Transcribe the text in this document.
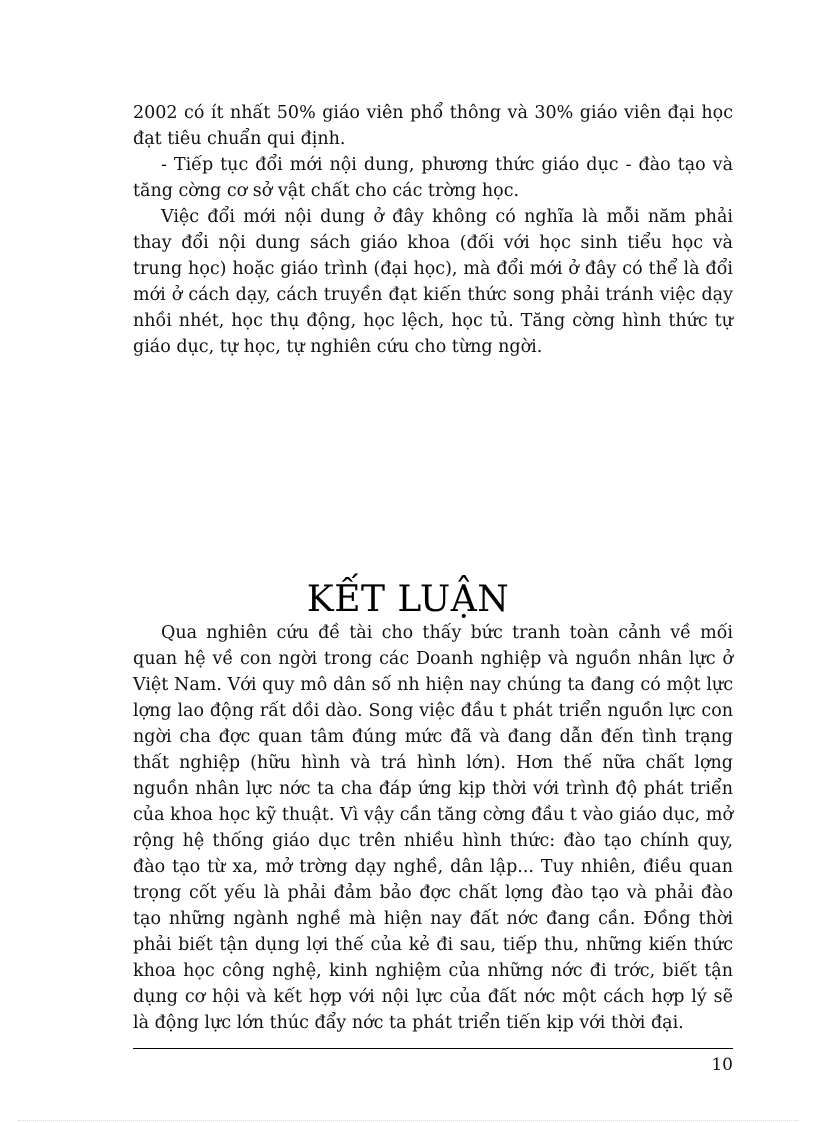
2002 có ít nhất 50% giáo viên phổ thông và 30% giáo viên đại học đạt tiêu chuẩn qui định.

- Tiếp tục đổi mới nội dung, phương thức giáo dục - đào tạo và tăng cờng cơ sở vật chất cho các trờng học.

Việc đổi mới nội dung ở đây không có nghĩa là mỗi năm phải thay đổi nội dung sách giáo khoa (đối với học sinh tiểu học và trung học) hoặc giáo trình (đại học), mà đổi mới ở đây có thể là đổi mới ở cách dạy, cách truyền đạt kiến thức song phải tránh việc dạy nhồi nhét, học thụ động, học lệch, học tủ. Tăng cờng hình thức tự giáo dục, tự học, tự nghiên cứu cho từng ngời.

KẾT LUẬN

Qua nghiên cứu đề tài cho thấy bức tranh toàn cảnh về mối quan hệ về con ngời trong các Doanh nghiệp và nguồn nhân lực ở Việt Nam. Với quy mô dân số nh hiện nay chúng ta đang có một lực lợng lao động rất dồi dào. Song việc đầu t phát triển nguồn lực con ngời cha đợc quan tâm đúng mức đã và đang dẫn đến tình trạng thất nghiệp (hữu hình và trá hình lớn). Hơn thế nữa chất lợng nguồn nhân lực nớc ta cha đáp ứng kịp thời với trình độ phát triển của khoa học kỹ thuật. Vì vậy cần tăng cờng đầu t vào giáo dục, mở rộng hệ thống giáo dục trên nhiều hình thức: đào tạo chính quy, đào tạo từ xa, mở trờng dạy nghề, dân lập... Tuy nhiên, điều quan trọng cốt yếu là phải đảm bảo đợc chất lợng đào tạo và phải đào tạo những ngành nghề mà hiện nay đất nớc đang cần. Đồng thời phải biết tận dụng lợi thế của kẻ đi sau, tiếp thu, những kiến thức khoa học công nghệ, kinh nghiệm của những nớc đi trớc, biết tận dụng cơ hội và kết hợp với nội lực của đất nớc một cách hợp lý sẽ là động lực lớn thúc đẩy nớc ta phát triển tiến kịp với thời đại.

10
